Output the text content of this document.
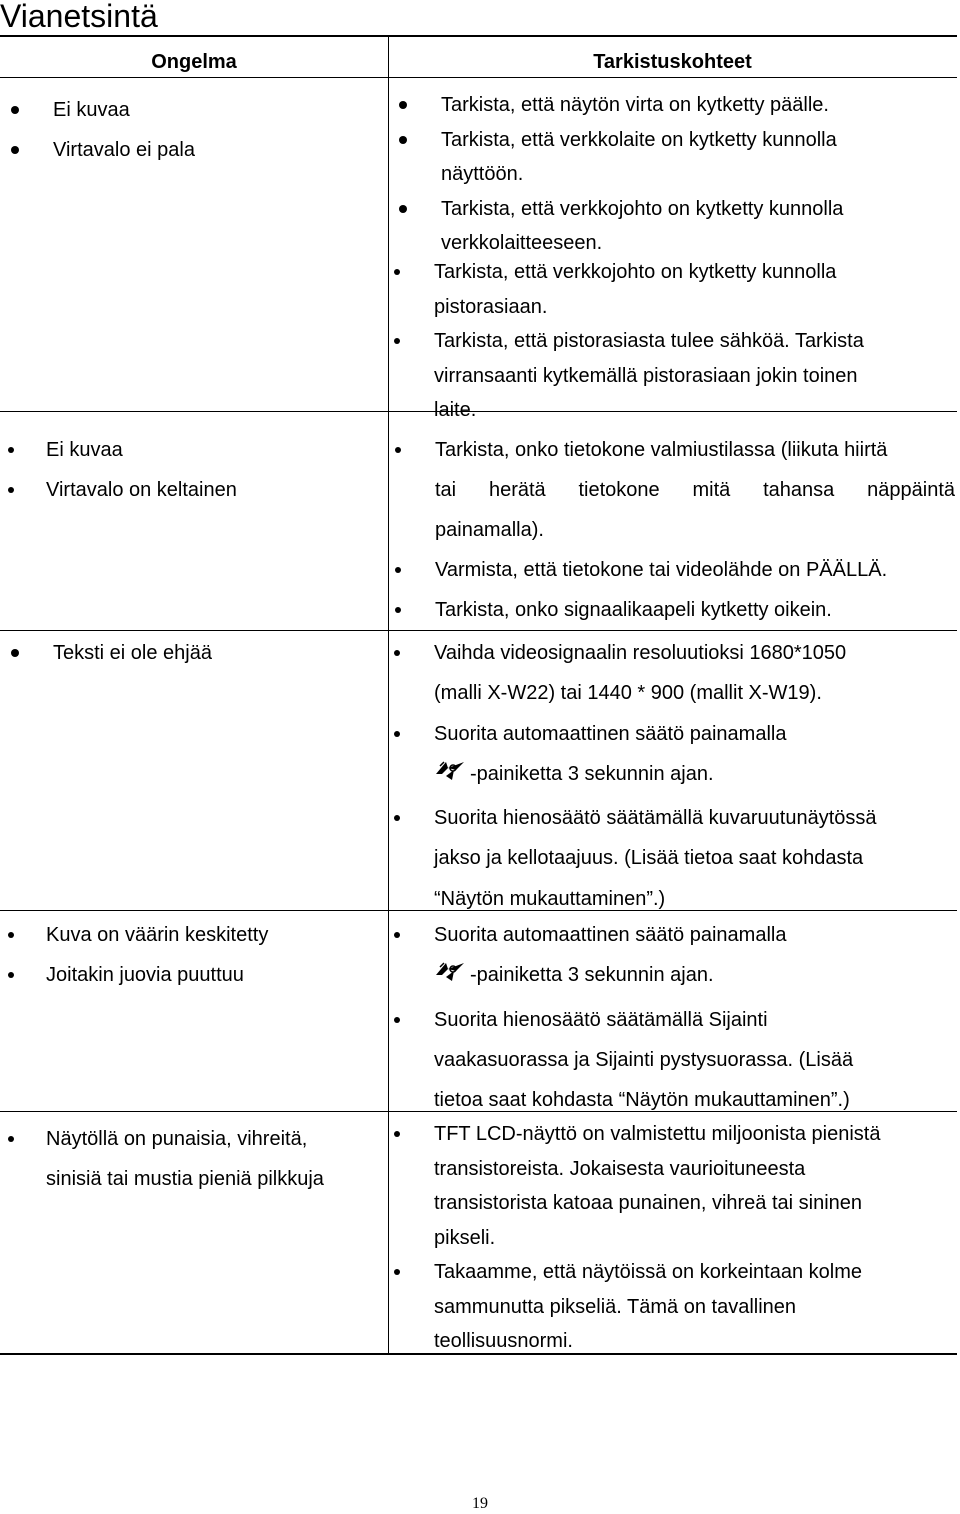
Vianetsintä
Ongelma	Tarkistuskohteet
Ei kuvaa
Virtavalo ei pala
Tarkista, että näytön virta on kytketty päälle.
Tarkista, että verkkolaite on kytketty kunnolla
näyttöön.
Tarkista, että verkkojohto on kytketty kunnolla
verkkolaitteeseen.
Tarkista, että verkkojohto on kytketty kunnolla
pistorasiaan.
Tarkista, että pistorasiasta tulee sähköä. Tarkista
virransaanti kytkemällä pistorasiaan jokin toinen
laite.
Ei kuvaa
Virtavalo on keltainen
Tarkista, onko tietokone valmiustilassa (liikuta hiirtä
tai herätä tietokone mitä tahansa näppäintä
painamalla).
Varmista, että tietokone tai videolähde on PÄÄLLÄ.
Tarkista, onko signaalikaapeli kytketty oikein.
Teksti ei ole ehjää	Vaihda videosignaalin resoluutioksi 1680*1050
(malli X-W22) tai 1440 * 900 (mallit X-W19).
Suorita automaattinen säätö painamalla
-painiketta 3 sekunnin ajan.
Suorita hienosäätö säätämällä kuvaruutunäytössä
jakso ja kellotaajuus. (Lisää tietoa saat kohdasta
“Näytön mukauttaminen”.)
Kuva on väärin keskitetty
Joitakin juovia puuttuu
Suorita automaattinen säätö painamalla
-painiketta 3 sekunnin ajan.
Suorita hienosäätö säätämällä Sijainti
vaakasuorassa ja Sijainti pystysuorassa. (Lisää
tietoa saat kohdasta “Näytön mukauttaminen”.)
Näytöllä on punaisia, vihreitä,
sinisiä tai mustia pieniä pilkkuja
TFT LCD-näyttö on valmistettu miljoonista pienistä
transistoreista. Jokaisesta vaurioituneesta
transistorista katoaa punainen, vihreä tai sininen
pikseli.
Takaamme, että näytöissä on korkeintaan kolme
sammunutta pikseliä. Tämä on tavallinen
teollisuusnormi.
19
